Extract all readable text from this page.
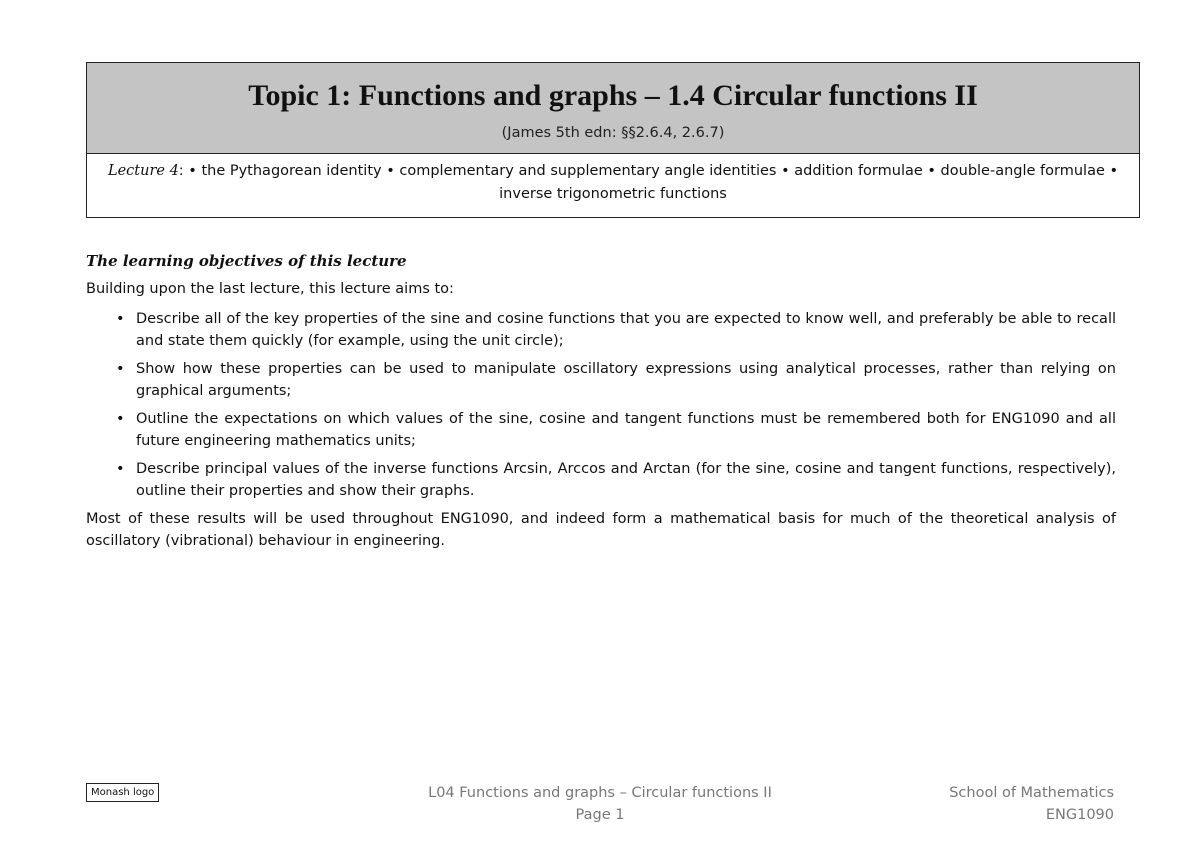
Topic 1: Functions and graphs – 1.4 Circular functions II
(James 5th edn: §§2.6.4, 2.6.7)
Lecture 4: • the Pythagorean identity • complementary and supplementary angle identities • addition formulae • double-angle formulae • inverse trigonometric functions
The learning objectives of this lecture
Building upon the last lecture, this lecture aims to:
• Describe all of the key properties of the sine and cosine functions that you are expected to know well, and preferably be able to recall and state them quickly (for example, using the unit circle);
• Show how these properties can be used to manipulate oscillatory expressions using analytical processes, rather than relying on graphical arguments;
• Outline the expectations on which values of the sine, cosine and tangent functions must be remembered both for ENG1090 and all future engineering mathematics units;
• Describe principal values of the inverse functions Arcsin, Arccos and Arctan (for the sine, cosine and tangent functions, respectively), outline their properties and show their graphs.
Most of these results will be used throughout ENG1090, and indeed form a mathematical basis for much of the theoretical analysis of oscillatory (vibrational) behaviour in engineering.
Monash logo	L04 Functions and graphs – Circular functions II
Page 1
School of Mathematics
ENG1090
